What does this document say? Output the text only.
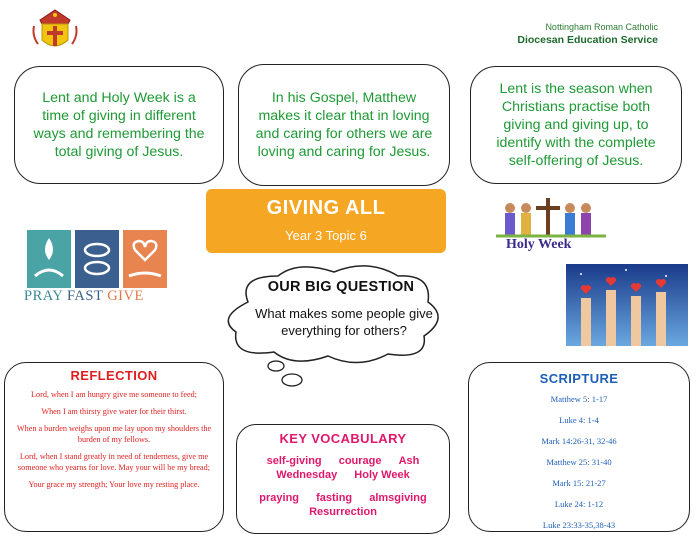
Nottingham Roman Catholic
Diocesan Education Service
Lent and Holy Week is a time of giving in different ways and remembering the total giving of Jesus.
In his Gospel, Matthew makes it clear that in loving and caring for others we are loving and caring for Jesus.
Lent is the season when Christians practise both giving and giving up, to identify with the complete self-offering of Jesus.
GIVING ALL
Year 3 Topic 6
PRAY FAST GIVE
Holy Week
OUR BIG QUESTION
What makes some people give everything for others?
REFLECTION
Lord, when I am hungry give me someone to feed;
When I am thirsty give water for their thirst.
When a burden weighs upon me lay upon my shoulders the burden of my fellows.
Lord, when I stand greatly in need of tenderness, give me someone who yearns for love. May your will be my bread;
Your grace my strength; Your love my resting place.
KEY VOCABULARY
self-giving courage Ash
Wednesday Holy Week
praying fasting almsgiving
Resurrection
SCRIPTURE
Matthew 5: 1-17
Luke 4: 1-4
Mark 14:26-31, 32-46
Matthew 25: 31-40
Mark 15: 21-27
Luke 24: 1-12
Luke 23:33-35,38-43
